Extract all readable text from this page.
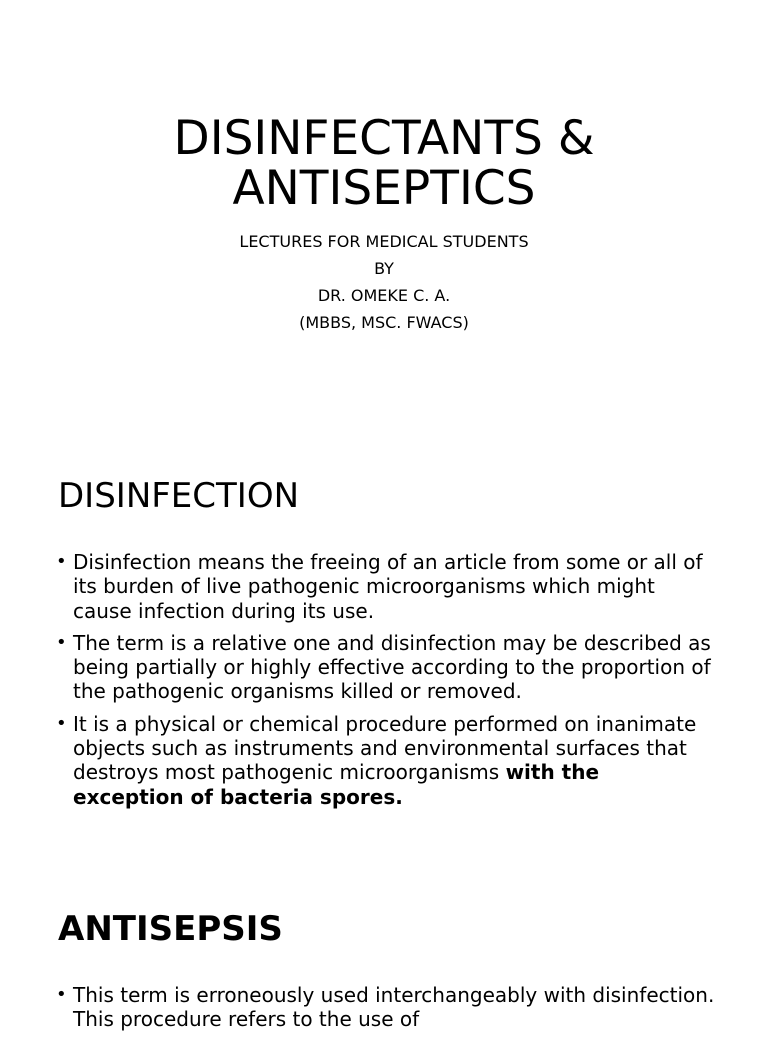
DISINFECTANTS &
ANTISEPTICS
LECTURES FOR MEDICAL STUDENTS
BY
DR. OMEKE C. A.
(MBBS, MSC. FWACS)
DISINFECTION
• Disinfection means the freeing of an article from some or all of its burden of live pathogenic microorganisms which might cause infection during its use.
• The term is a relative one and disinfection may be described as being partially or highly effective according to the proportion of the pathogenic organisms killed or removed.
• It is a physical or chemical procedure performed on inanimate objects such as instruments and environmental surfaces that destroys most pathogenic microorganisms with the exception of bacteria spores.
ANTISEPSIS
• This term is erroneously used interchangeably with disinfection. This procedure refers to the use of
